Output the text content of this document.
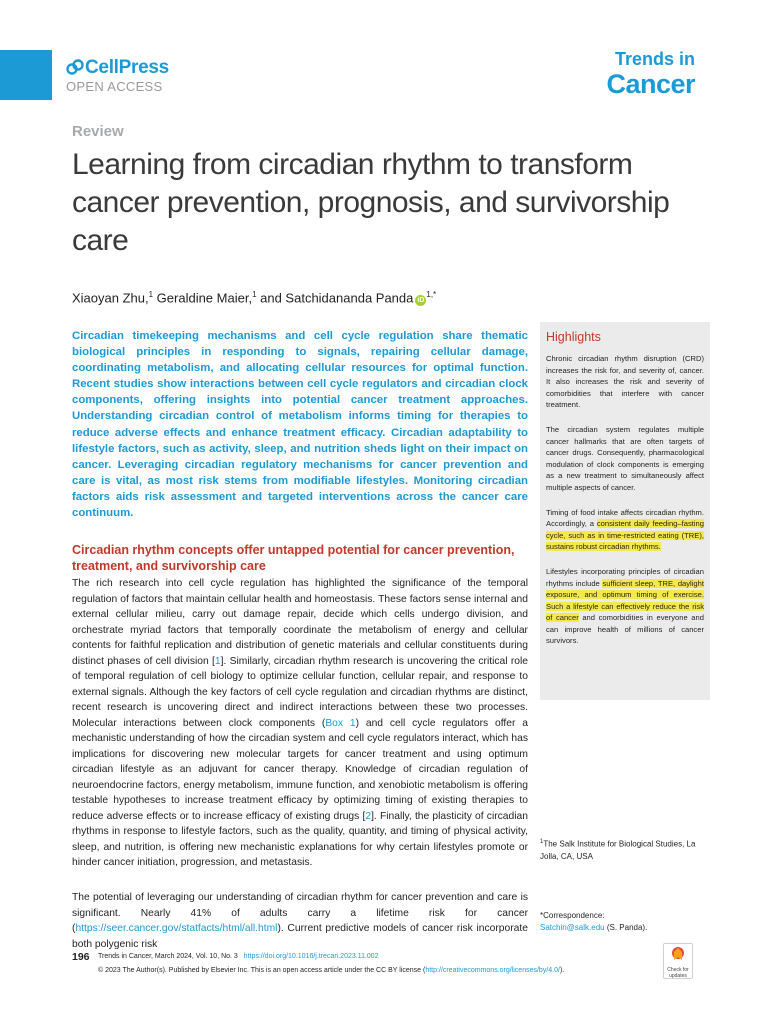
CellPress
OPEN ACCESS
Trends in
Cancer
Review
Learning from circadian rhythm to transform cancer prevention, prognosis, and survivorship care
Xiaoyan Zhu,$^1$ Geraldine Maier,$^1$ and Satchidananda Panda $iD^{1,*}$

Circadian timekeeping mechanisms and cell cycle regulation share thematic biological principles in responding to signals, repairing cellular damage, coordinating metabolism, and allocating cellular resources for optimal function. Recent studies show interactions between cell cycle regulators and circadian clock components, offering insights into potential cancer treatment approaches. Understanding circadian control of metabolism informs timing for therapies to reduce adverse effects and enhance treatment efficacy. Circadian adaptability to lifestyle factors, such as activity, sleep, and nutrition sheds light on their impact on cancer. Leveraging circadian regulatory mechanisms for cancer prevention and care is vital, as most risk stems from modifiable lifestyles. Monitoring circadian factors aids risk assessment and targeted interventions across the cancer care continuum.

Circadian rhythm concepts offer untapped potential for cancer prevention, treatment, and survivorship care

The rich research into cell cycle regulation has highlighted the significance of the temporal regulation of factors that maintain cellular health and homeostasis. These factors sense internal and external cellular milieu, carry out damage repair, decide which cells undergo division, and orchestrate myriad factors that temporally coordinate the metabolism of energy and cellular contents for faithful replication and distribution of genetic materials and cellular constituents during distinct phases of cell division [1]. Similarly, circadian rhythm research is uncovering the critical role of temporal regulation of cell biology to optimize cellular function, cellular repair, and response to external signals. Although the key factors of cell cycle regulation and circadian rhythms are distinct, recent research is uncovering direct and indirect interactions between these two processes. Molecular interactions between clock components (Box 1) and cell cycle regulators offer a mechanistic understanding of how the circadian system and cell cycle regulators interact, which has implications for discovering new molecular targets for cancer treatment and using optimum circadian lifestyle as an adjuvant for cancer therapy. Knowledge of circadian regulation of neuroendocrine factors, energy metabolism, immune function, and xenobiotic metabolism is offering testable hypotheses to increase treatment efficacy by optimizing timing of existing therapies to reduce adverse effects or to increase efficacy of existing drugs [2]. Finally, the plasticity of circadian rhythms in response to lifestyle factors, such as the quality, quantity, and timing of physical activity, sleep, and nutrition, is offering new mechanistic explanations for why certain lifestyles promote or hinder cancer initiation, progression, and metastasis.

The potential of leveraging our understanding of circadian rhythm for cancer prevention and care is significant. Nearly 41% of adults carry a lifetime risk for cancer (https://seer.cancer.gov/statfacts/html/all.html). Current predictive models of cancer risk incorporate both polygenic risk

Highlights

Chronic circadian rhythm disruption (CRD) increases the risk for, and severity of, cancer. It also increases the risk and severity of comorbidities that interfere with cancer treatment.

The circadian system regulates multiple cancer hallmarks that are often targets of cancer drugs. Consequently, pharmacological modulation of clock components is emerging as a new treatment to simultaneously affect multiple aspects of cancer.

Timing of food intake affects circadian rhythm. Accordingly, a consistent daily feeding–fasting cycle, such as in time-restricted eating (TRE), sustains robust circadian rhythms.

Lifestyles incorporating principles of circadian rhythms include sufficient sleep, TRE, daylight exposure, and optimum timing of exercise. Such a lifestyle can effectively reduce the risk of cancer and comorbidities in everyone and can improve health of millions of cancer survivors.

$^1$The Salk Institute for Biological Studies, La Jolla, CA, USA
*Correspondence:
Satchin@salk.edu (S. Panda).
196 Trends in Cancer, March 2024, Vol. 10, No. 3 https://doi.org/10.1016/j.trecan.2023.11.002
© 2023 The Author(s). Published by Elsevier Inc. This is an open access article under the CC BY license (http://creativecommons.org/licenses/by/4.0/).	Check for updates
